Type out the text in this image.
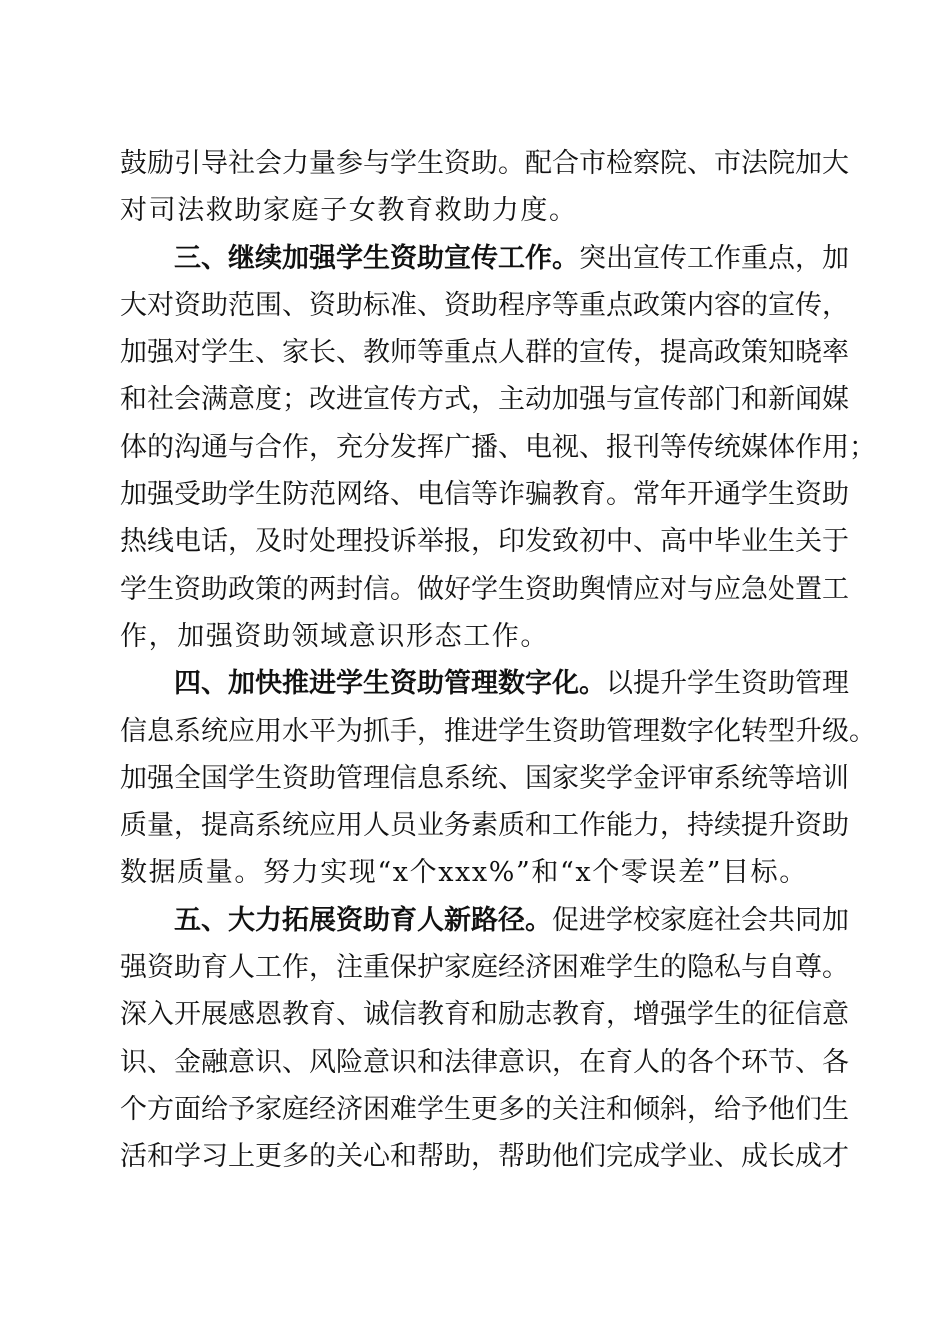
鼓励引导社会力量参与学生资助。配合市检察院、市法院加大
对司法救助家庭子女教育救助力度。
三、继续加强学生资助宣传工作。突出宣传工作重点，加
大对资助范围、资助标准、资助程序等重点政策内容的宣传，
加强对学生、家长、教师等重点人群的宣传，提高政策知晓率
和社会满意度；改进宣传方式，主动加强与宣传部门和新闻媒
体的沟通与合作，充分发挥广播、电视、报刊等传统媒体作用；
加强受助学生防范网络、电信等诈骗教育。常年开通学生资助
热线电话，及时处理投诉举报，印发致初中、高中毕业生关于
学生资助政策的两封信。做好学生资助舆情应对与应急处置工
作，加强资助领域意识形态工作。
四、加快推进学生资助管理数字化。以提升学生资助管理
信息系统应用水平为抓手，推进学生资助管理数字化转型升级。
加强全国学生资助管理信息系统、国家奖学金评审系统等培训
质量，提高系统应用人员业务素质和工作能力，持续提升资助
数据质量。努力实现“x个xxx%”和“x个零误差”目标。
五、大力拓展资助育人新路径。促进学校家庭社会共同加
强资助育人工作，注重保护家庭经济困难学生的隐私与自尊。
深入开展感恩教育、诚信教育和励志教育，增强学生的征信意
识、金融意识、风险意识和法律意识，在育人的各个环节、各
个方面给予家庭经济困难学生更多的关注和倾斜，给予他们生
活和学习上更多的关心和帮助，帮助他们完成学业、成长成才
